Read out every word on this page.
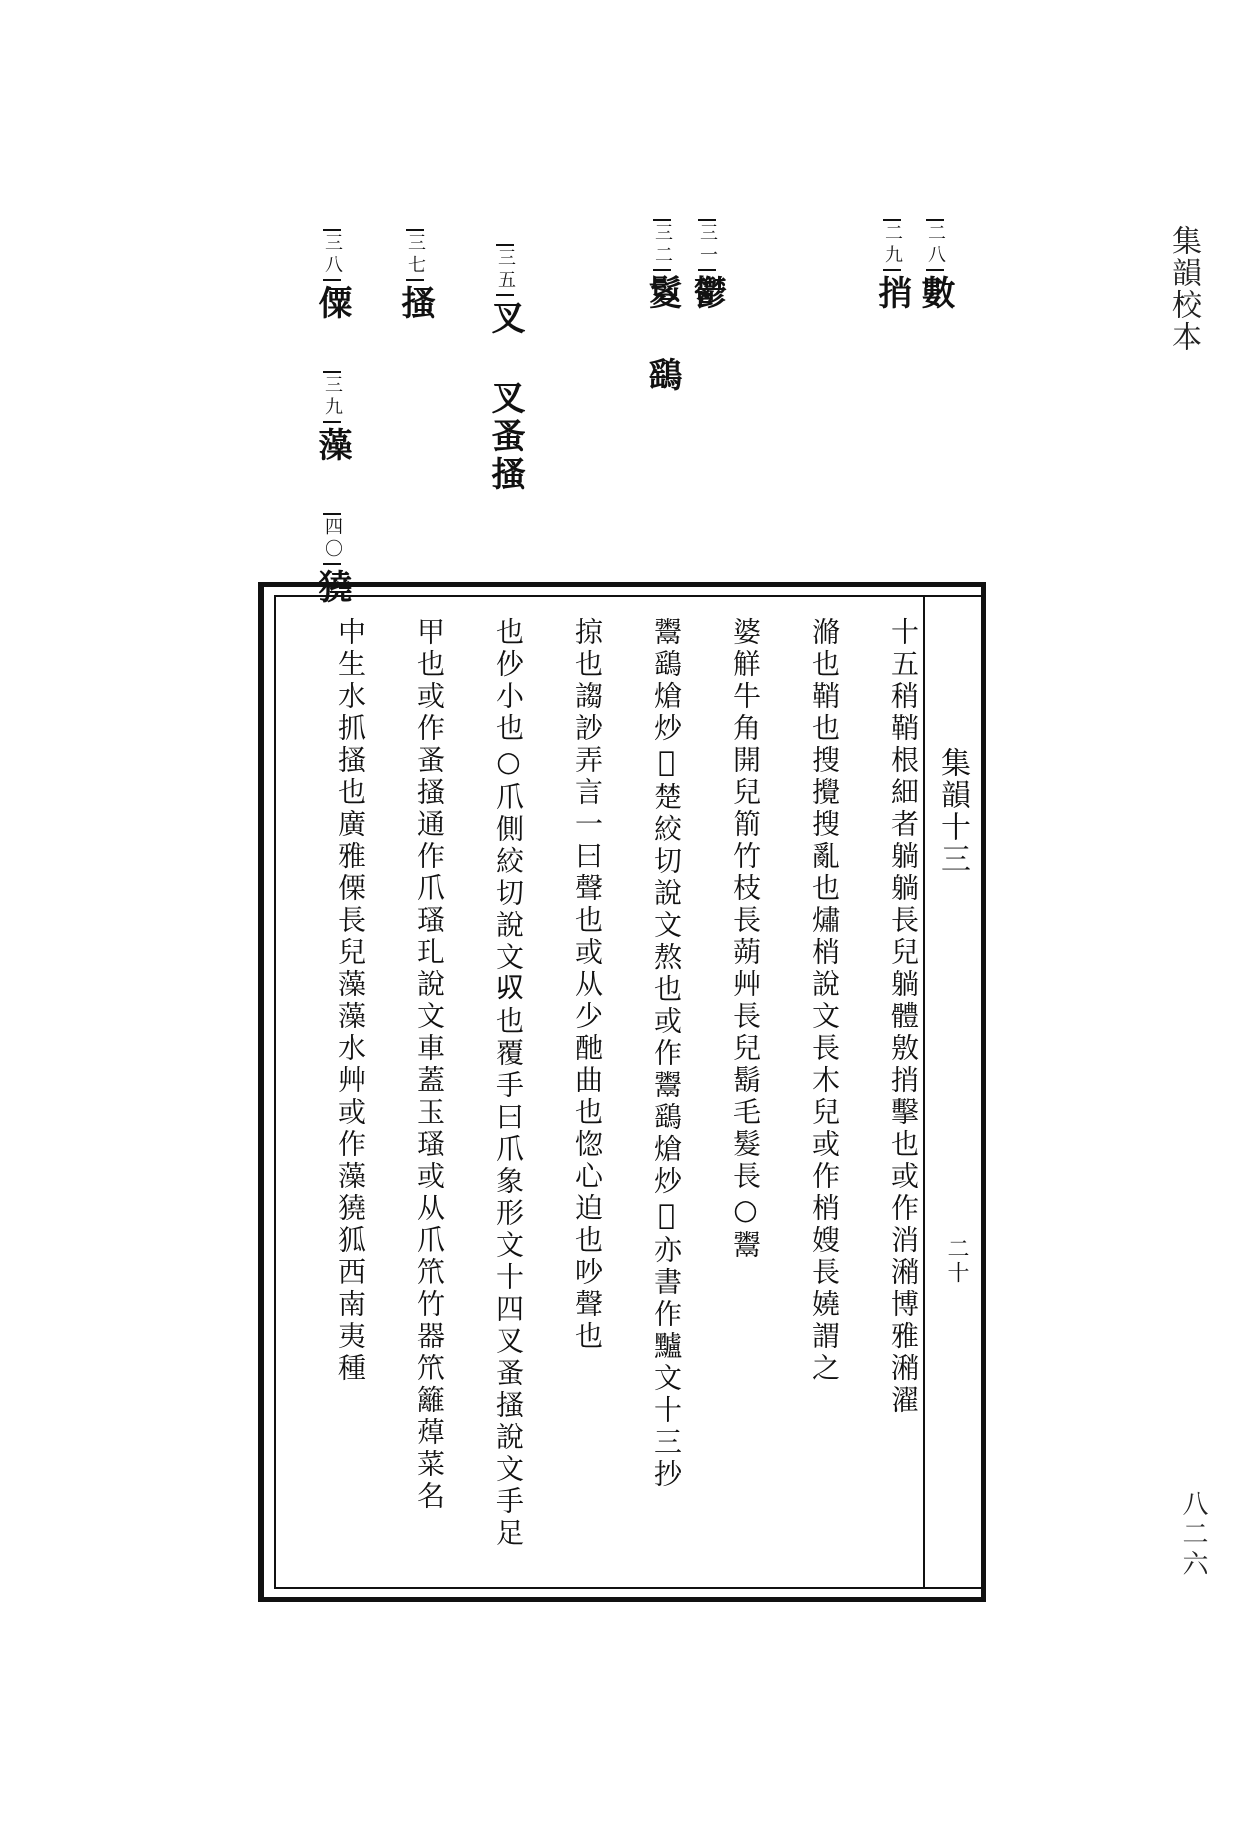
集韻校本
二八數
二九捎
三一鬱
三二鬉 鷂
三五叉
叉蚤搔
三七搔
三八僳 三九藻 四〇獟
集韻十三
二十
十五稍鞘根細者躺躺長兒躺體敫捎擊也或作消潲博雅潲濯
滫也鞘也搜攪搜亂也熽梢說文長木兒或作梢嫂長嬈謂之
婆觧牛角開兒箾竹枝長蒴艸長兒鬍毛髮長○鬻
鬻鷂熗炒𪺁楚絞切說文熬也或作鬻鷂熗炒𪺁亦書作黸文十三抄
掠也謅訬弄言一曰聲也或从少酏曲也惚心迫也吵聲也
也仯小也○爪側絞切說文𠬞也覆手曰爪象形文十四叉蚤搔說文手足
甲也或作蚤搔通作爪瑵玌說文車蓋玉瑵或从爪笊竹器笊籬蔊菜名
中生水抓搔也廣雅傈長兒藻藻水艸或作藻獟狐西南夷種
八二六
